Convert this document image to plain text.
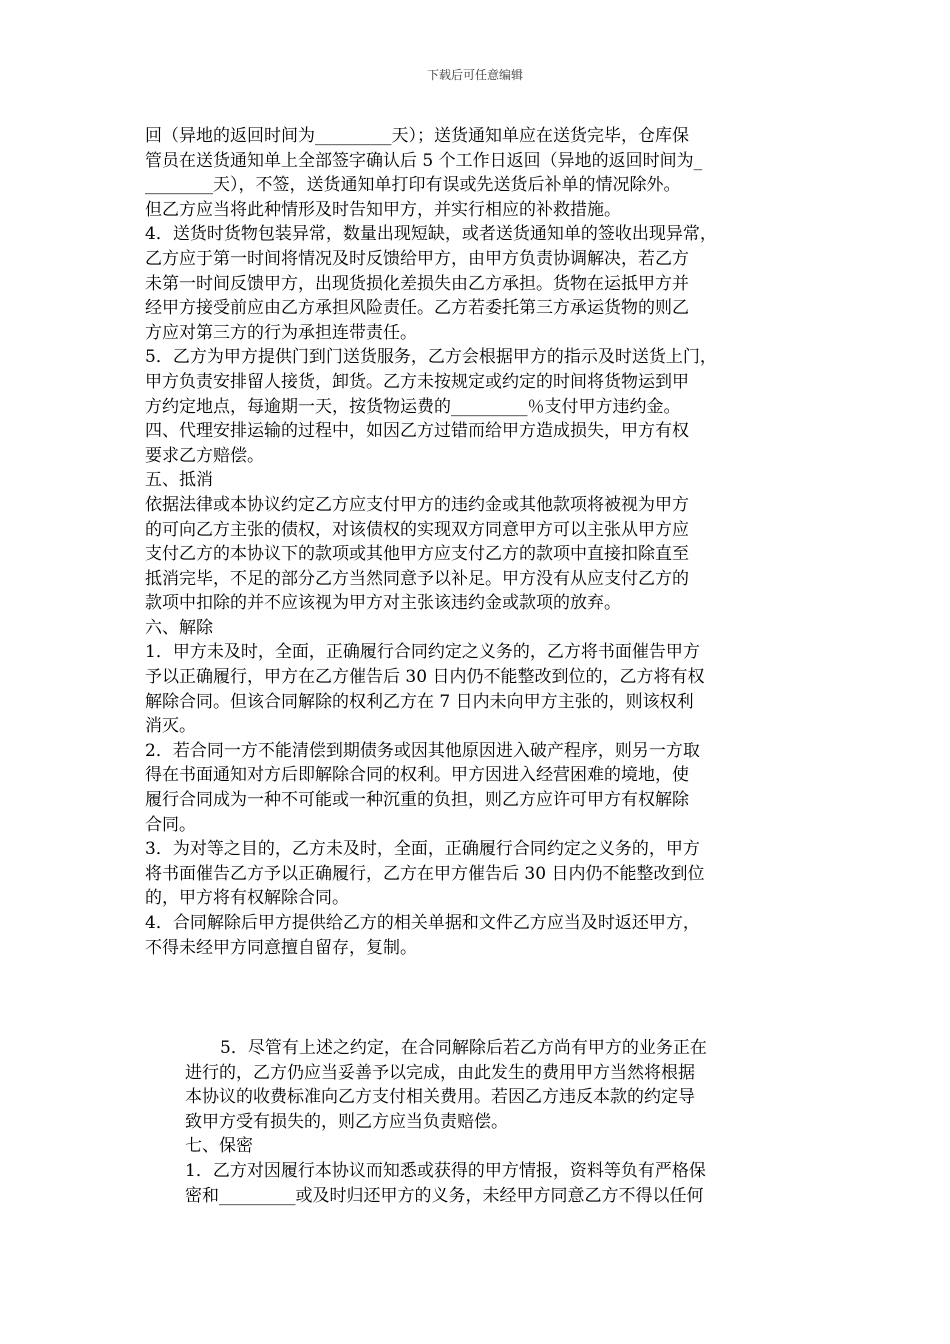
下载后可任意编辑
回（异地的返回时间为_________天）；送货通知单应在送货完毕，仓库保
管员在送货通知单上全部签字确认后 5 个工作日返回（异地的返回时间为_
________天），不签，送货通知单打印有误或先送货后补单的情况除外。
但乙方应当将此种情形及时告知甲方，并实行相应的补救措施。
4．送货时货物包装异常，数量出现短缺，或者送货通知单的签收出现异常，
乙方应于第一时间将情况及时反馈给甲方，由甲方负责协调解决，若乙方
未第一时间反馈甲方，出现货损化差损失由乙方承担。货物在运抵甲方并
经甲方接受前应由乙方承担风险责任。乙方若委托第三方承运货物的则乙
方应对第三方的行为承担连带责任。
5．乙方为甲方提供门到门送货服务，乙方会根据甲方的指示及时送货上门，
甲方负责安排留人接货，卸货。乙方未按规定或约定的时间将货物运到甲
方约定地点，每逾期一天，按货物运费的_________％支付甲方违约金。
四、代理安排运输的过程中，如因乙方过错而给甲方造成损失，甲方有权
要求乙方赔偿。
五、抵消
依据法律或本协议约定乙方应支付甲方的违约金或其他款项将被视为甲方
的可向乙方主张的债权，对该债权的实现双方同意甲方可以主张从甲方应
支付乙方的本协议下的款项或其他甲方应支付乙方的款项中直接扣除直至
抵消完毕，不足的部分乙方当然同意予以补足。甲方没有从应支付乙方的
款项中扣除的并不应该视为甲方对主张该违约金或款项的放弃。
六、解除
1．甲方未及时，全面，正确履行合同约定之义务的，乙方将书面催告甲方
予以正确履行，甲方在乙方催告后 30 日内仍不能整改到位的，乙方将有权
解除合同。但该合同解除的权利乙方在 7 日内未向甲方主张的，则该权利
消灭。
2．若合同一方不能清偿到期债务或因其他原因进入破产程序，则另一方取
得在书面通知对方后即解除合同的权利。甲方因进入经营困难的境地，使
履行合同成为一种不可能或一种沉重的负担，则乙方应许可甲方有权解除
合同。
3．为对等之目的，乙方未及时，全面，正确履行合同约定之义务的，甲方
将书面催告乙方予以正确履行，乙方在甲方催告后 30 日内仍不能整改到位
的，甲方将有权解除合同。
4．合同解除后甲方提供给乙方的相关单据和文件乙方应当及时返还甲方，
不得未经甲方同意擅自留存，复制。
5．尽管有上述之约定，在合同解除后若乙方尚有甲方的业务正在
进行的，乙方仍应当妥善予以完成，由此发生的费用甲方当然将根据
本协议的收费标准向乙方支付相关费用。若因乙方违反本款的约定导
致甲方受有损失的，则乙方应当负责赔偿。
七、保密
1．乙方对因履行本协议而知悉或获得的甲方情报，资料等负有严格保
密和_________或及时归还甲方的义务，未经甲方同意乙方不得以任何
